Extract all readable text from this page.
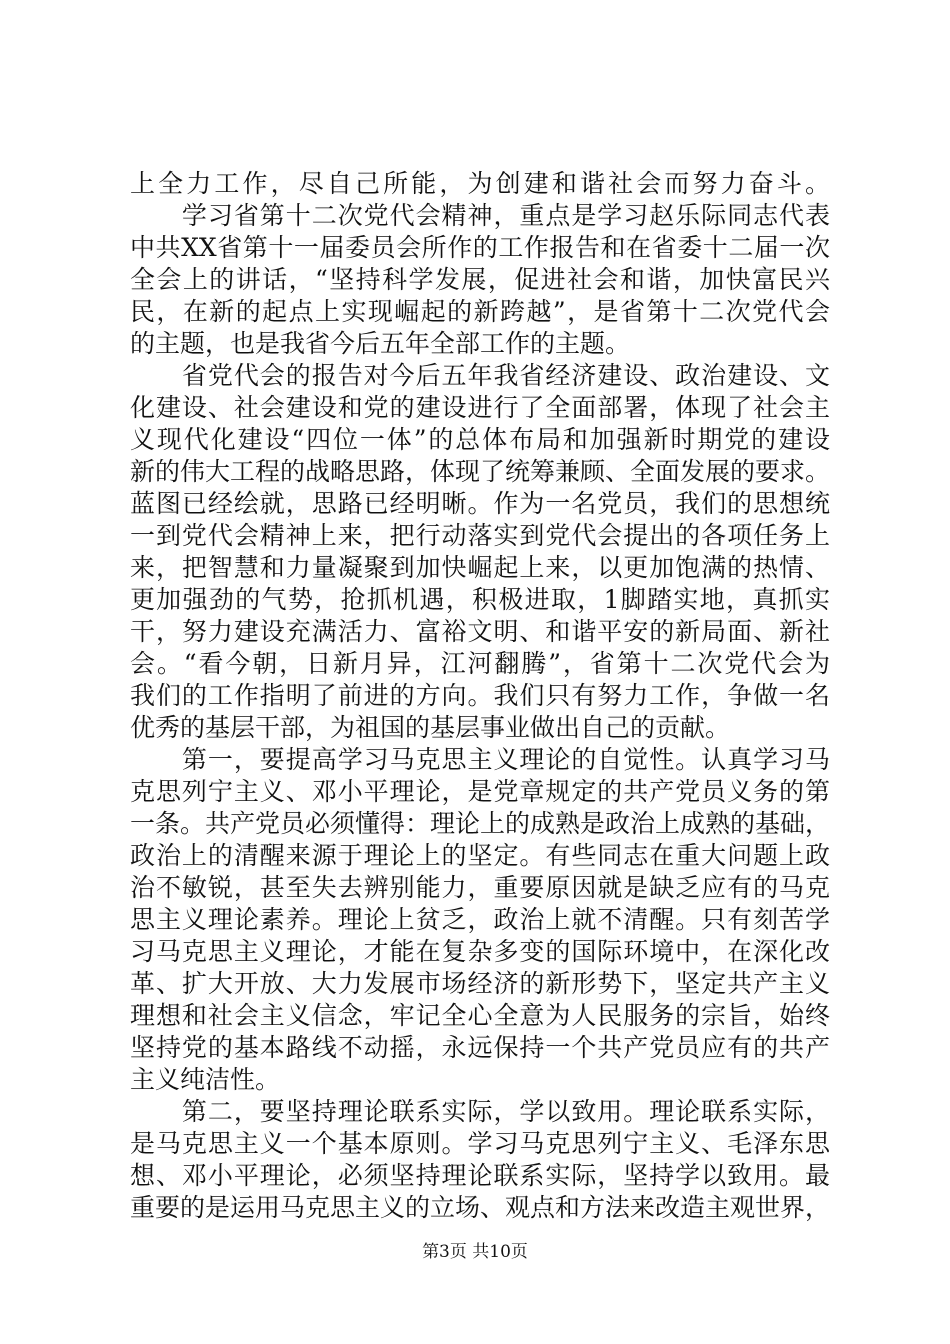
上全力工作，尽自己所能，为创建和谐社会而努力奋斗。
　　学习省第十二次党代会精神，重点是学习赵乐际同志代表
中共XX省第十一届委员会所作的工作报告和在省委十二届一次
全会上的讲话，“坚持科学发展，促进社会和谐，加快富民兴
民，在新的起点上实现崛起的新跨越”，是省第十二次党代会
的主题，也是我省今后五年全部工作的主题。
　　省党代会的报告对今后五年我省经济建设、政治建设、文
化建设、社会建设和党的建设进行了全面部署，体现了社会主
义现代化建设“四位一体”的总体布局和加强新时期党的建设
新的伟大工程的战略思路，体现了统筹兼顾、全面发展的要求。
蓝图已经绘就，思路已经明晰。作为一名党员，我们的思想统
一到党代会精神上来，把行动落实到党代会提出的各项任务上
来，把智慧和力量凝聚到加快崛起上来，以更加饱满的热情、
更加强劲的气势，抢抓机遇，积极进取，1脚踏实地，真抓实
干，努力建设充满活力、富裕文明、和谐平安的新局面、新社
会。“看今朝，日新月异，江河翻腾”，省第十二次党代会为
我们的工作指明了前进的方向。我们只有努力工作，争做一名
优秀的基层干部，为祖国的基层事业做出自己的贡献。
　　第一，要提高学习马克思主义理论的自觉性。认真学习马
克思列宁主义、邓小平理论，是党章规定的共产党员义务的第
一条。共产党员必须懂得：理论上的成熟是政治上成熟的基础，
政治上的清醒来源于理论上的坚定。有些同志在重大问题上政
治不敏锐，甚至失去辨别能力，重要原因就是缺乏应有的马克
思主义理论素养。理论上贫乏，政治上就不清醒。只有刻苦学
习马克思主义理论，才能在复杂多变的国际环境中，在深化改
革、扩大开放、大力发展市场经济的新形势下，坚定共产主义
理想和社会主义信念，牢记全心全意为人民服务的宗旨，始终
坚持党的基本路线不动摇，永远保持一个共产党员应有的共产
主义纯洁性。
　　第二，要坚持理论联系实际，学以致用。理论联系实际，
是马克思主义一个基本原则。学习马克思列宁主义、毛泽东思
想、邓小平理论，必须坚持理论联系实际，坚持学以致用。最
重要的是运用马克思主义的立场、观点和方法来改造主观世界，
第3页 共10页
